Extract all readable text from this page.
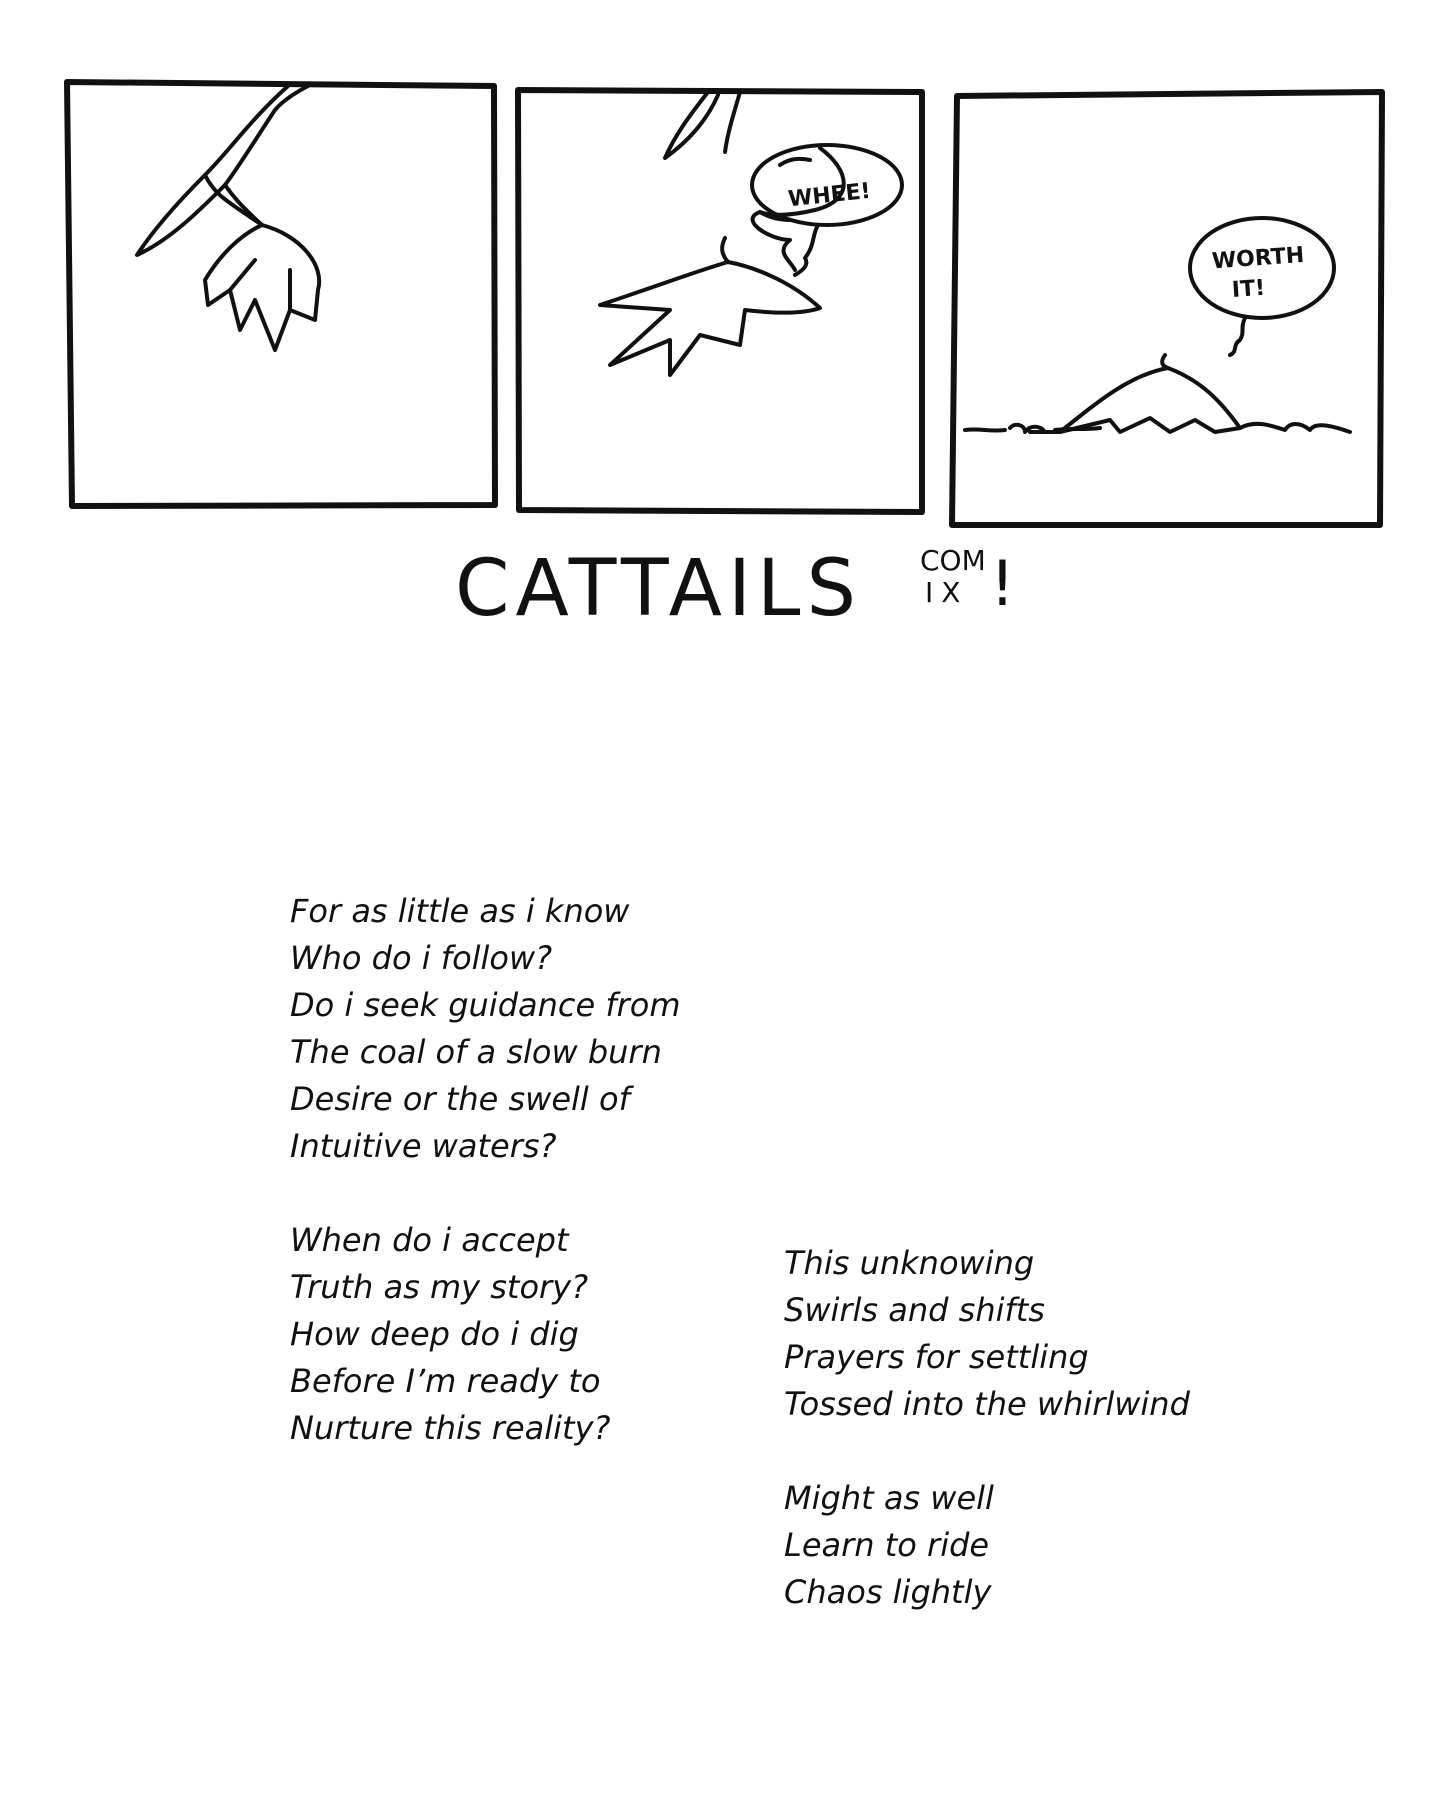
WHEE!
WORTH
IT!
CATTAILS COM
IX !
For as little as i know
Who do i follow?
Do i seek guidance from
The coal of a slow burn
Desire or the swell of
Intuitive waters?
When do i accept
Truth as my story?
How deep do i dig
Before I’m ready to
Nurture this reality?
This unknowing
Swirls and shifts
Prayers for settling
Tossed into the whirlwind
Might as well
Learn to ride
Chaos lightly
